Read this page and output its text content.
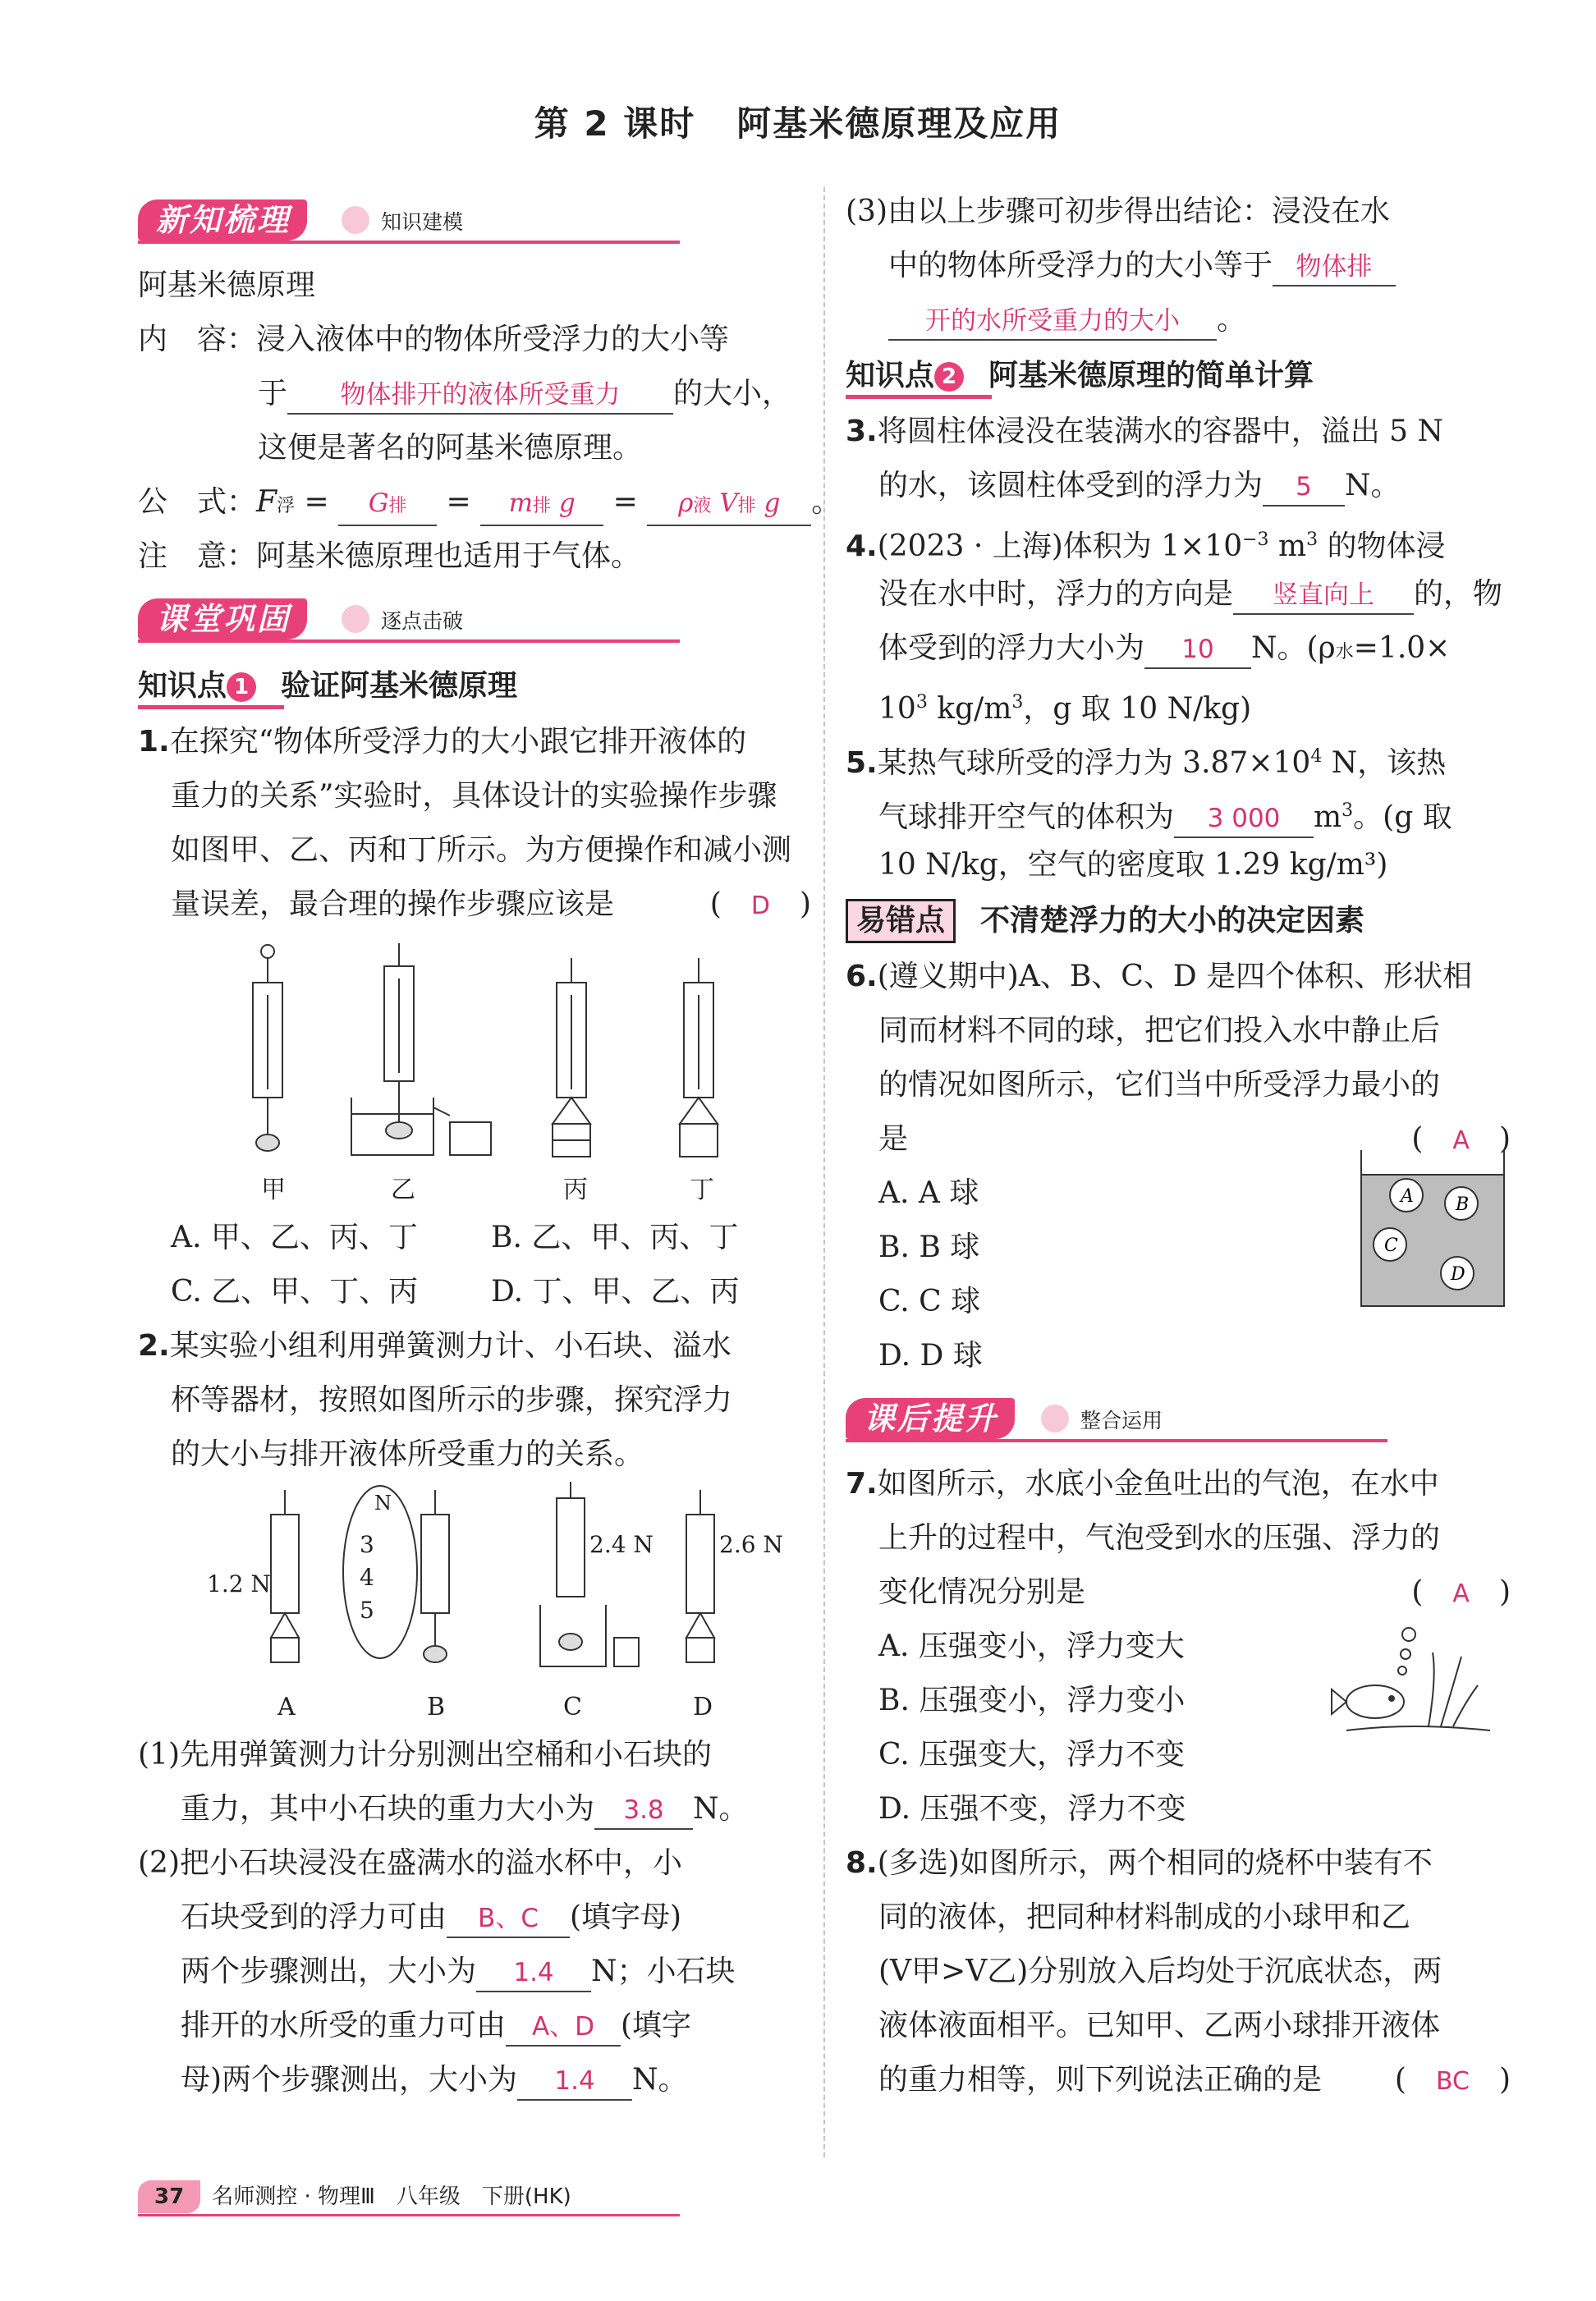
第 2 课时 阿基米德原理及应用
新知梳理	知识建模
阿基米德原理
内　容：浸入液体中的物体所受浮力的大小等
于 物体排开的液体所受重力 的大小，
这便是著名的阿基米德原理。
公　式：F浮 = G排 = m排 g = ρ液 V排 g 。
注　意：阿基米德原理也适用于气体。
课堂巩固	逐点击破
知识点 1 验证阿基米德原理
1.在探究“物体所受浮力的大小跟它排开液体的
重力的关系”实验时，具体设计的实验操作步骤
如图甲、乙、丙和丁所示。为方便操作和减小测
量误差，最合理的操作步骤应该是	(　D　)
甲	乙	丙	丁
A. 甲、乙、丙、丁 B. 乙、甲、丙、丁
C. 乙、甲、丁、丙 D. 丁、甲、乙、丙
2.某实验小组利用弹簧测力计、小石块、溢水
杯等器材，按照如图所示的步骤，探究浮力
的大小与排开液体所受重力的关系。
1.2 N
N
3
4
5
2.4 N	2.6 N
A	B	C	D
(1)先用弹簧测力计分别测出空桶和小石块的
重力，其中小石块的重力大小为 3.8 N。
(2)把小石块浸没在盛满水的溢水杯中，小
石块受到的浮力可由 B、C (填字母)
两个步骤测出，大小为 1.4 N；小石块
排开的水所受的重力可由 A、D (填字
母)两个步骤测出，大小为 1.4 N。
(3)由以上步骤可初步得出结论：浸没在水
中的物体所受浮力的大小等于 物体排
开的水所受重力的大小 。
知识点 2 阿基米德原理的简单计算
3.将圆柱体浸没在装满水的容器中，溢出 5 N
的水，该圆柱体受到的浮力为 5 N。
4.(2023 · 上海)体积为 $1\times 10^{-3}$ $m^3$ 的物体浸
没在水中时，浮力的方向是 竖直向上 的，物
体受到的浮力大小为 10 N。(ρ水=1.0×
$10^3$ $kg/m^3$，g 取 10 N/kg)
5.某热气球所受的浮力为 $3.87\times 10^4$ N，该热
气球排开空气的体积为 3 000 $m^3$。(g 取
10 N/kg，空气的密度取 1.29 kg/m³)
易错点 不清楚浮力的大小的决定因素
6.(遵义期中)A、B、C、D 是四个体积、形状相
同而材料不同的球，把它们投入水中静止后
的情况如图所示，它们当中所受浮力最小的
是	(　A　)
A. A 球
B. B 球
C. C 球
D. D 球
A B
C
D
课后提升	整合运用
7.如图所示，水底小金鱼吐出的气泡，在水中
上升的过程中，气泡受到水的压强、浮力的
变化情况分别是	(　A　)
A. 压强变小，浮力变大
B. 压强变小，浮力变小
C. 压强变大，浮力不变
D. 压强不变，浮力不变
8.(多选)如图所示，两个相同的烧杯中装有不
同的液体，把同种材料制成的小球甲和乙
(V甲>V乙)分别放入后均处于沉底状态，两
液体液面相平。已知甲、乙两小球排开液体
的重力相等，则下列说法正确的是 (　BC　)
37 名师测控 · 物理Ⅲ　八年级　下册(HK)
